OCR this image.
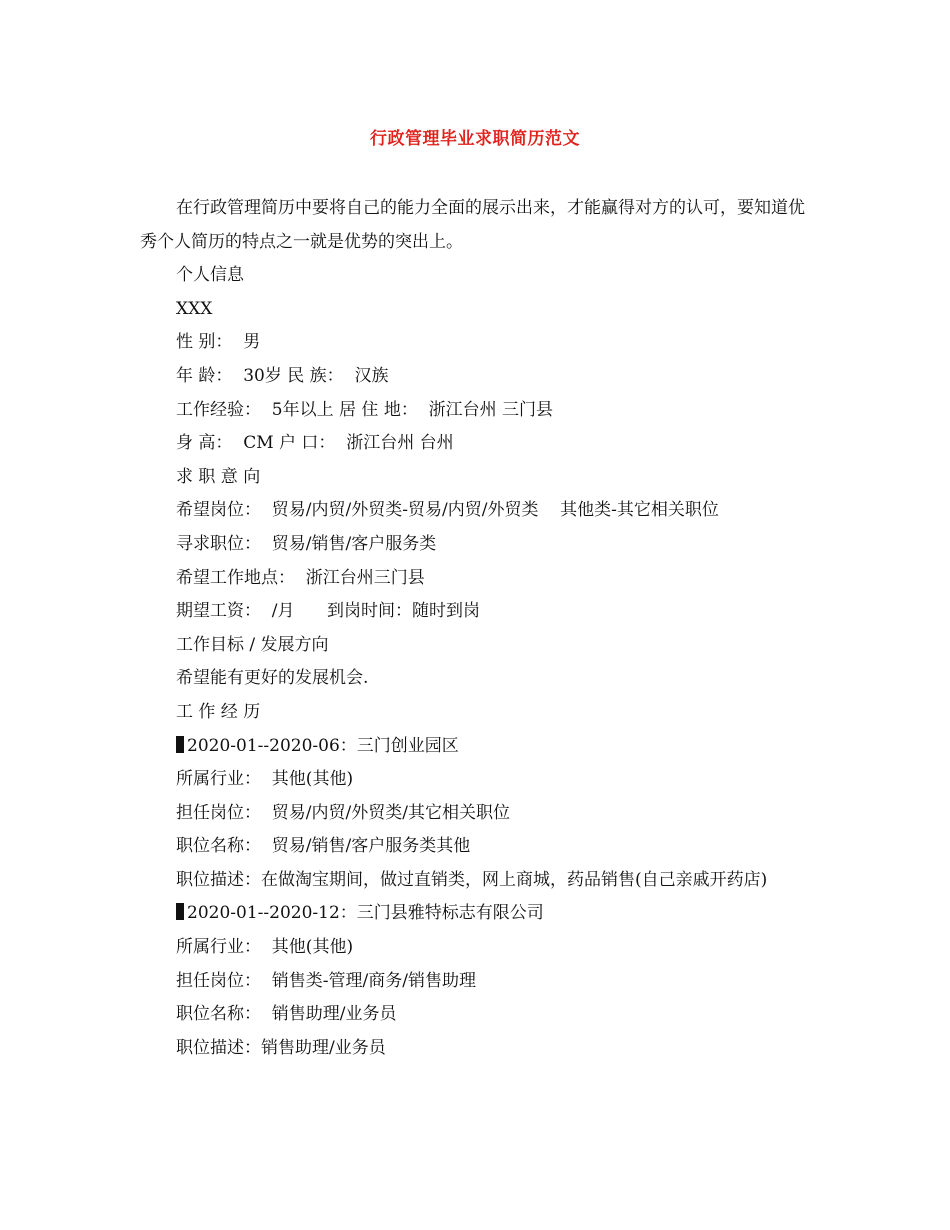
行政管理毕业求职简历范文

在行政管理简历中要将自己的能力全面的展示出来，才能赢得对方的认可，要知道优秀个人简历的特点之一就是优势的突出上。

个人信息

XXX

性 别：  男

年 龄：  30岁 民 族：  汉族

工作经验：  5年以上 居 住 地：  浙江台州 三门县

身 高：  CM 户 口：  浙江台州 台州

求 职 意 向

希望岗位：  贸易/内贸/外贸类-贸易/内贸/外贸类    其他类-其它相关职位

寻求职位：  贸易/销售/客户服务类

希望工作地点：  浙江台州三门县

期望工资：  /月      到岗时间：随时到岗

工作目标 / 发展方向

希望能有更好的发展机会.

工 作 经 历

2020-01--2020-06：三门创业园区

所属行业：  其他(其他)

担任岗位：  贸易/内贸/外贸类/其它相关职位

职位名称：  贸易/销售/客户服务类其他

职位描述：在做淘宝期间，做过直销类，网上商城，药品销售(自己亲戚开药店)

2020-01--2020-12：三门县雅特标志有限公司

所属行业：  其他(其他)

担任岗位：  销售类-管理/商务/销售助理

职位名称：  销售助理/业务员

职位描述：销售助理/业务员
